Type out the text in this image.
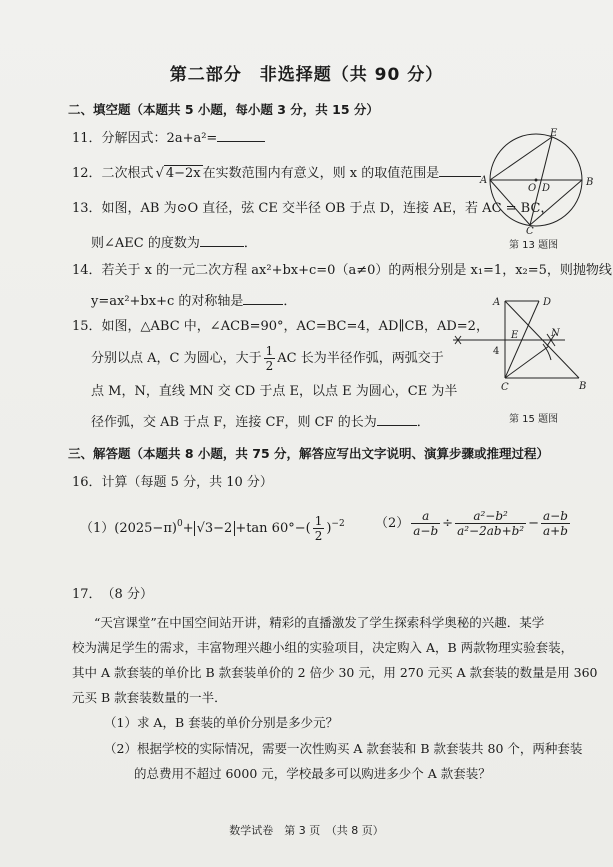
第二部分　非选择题（共 90 分）
二、填空题（本题共 5 小题，每小题 3 分，共 15 分）
11．分解因式：2a+a²=
12．二次根式 √ 4−2x 在实数范围内有意义，则 x 的取值范围是
13．如图，AB 为⊙O 直径，弦 CE 交半径 OB 于点 D，连接 AE，若 AC = BC，
则∠AEC 的度数为	．
A	B
E
O D
C
第 13 题图
14．若关于 x 的一元二次方程 ax²+bx+c=0（a≠0）的两根分别是 x₁=1，x₂=5，则抛物线
y=ax²+bx+c 的对称轴是	．
15．如图，△ABC 中，∠ACB=90°，AC=BC=4，AD∥CB，AD=2，
分别以点 A，C 为圆心，大于 $\frac{1}{2}$ AC 长为半径作弧，两弧交于
点 M，N，直线 MN 交 CD 于点 E，以点 E 为圆心，CE 为半
径作弧，交 AB 于点 F，连接 CF，则 CF 的长为	．
A	D
E	N
4
C	B
第 15 题图
三、解答题（本题共 8 小题，共 75 分，解答应写出文字说明、演算步骤或推理过程）
16．计算（每题 5 分，共 10 分）
$(1)(2025-\pi)^0+ √3-2 +\tan$ $60^\circ-( \frac{1}{2} )^{-2}$ $(2) \frac{a}{a-b} \div \frac{\text{a²−b²}}{\text{a²−2ab+b²}} - \frac{a-b}{a+b}$
17．（8 分）
“天宫课堂”在中国空间站开讲，精彩的直播激发了学生探索科学奥秘的兴趣．某学
校为满足学生的需求，丰富物理兴趣小组的实验项目，决定购入 A，B 两款物理实验套装，
其中 A 款套装的单价比 B 款套装单价的 2 倍少 30 元，用 270 元买 A 款套装的数量是用 360
元买 B 款套装数量的一半．
（1）求 A，B 套装的单价分别是多少元？
（2）根据学校的实际情况，需要一次性购买 A 款套装和 B 款套装共 80 个，两种套装
的总费用不超过 6000 元，学校最多可以购进多少个 A 款套装？
数学试卷　第 3 页　（共 8 页）
